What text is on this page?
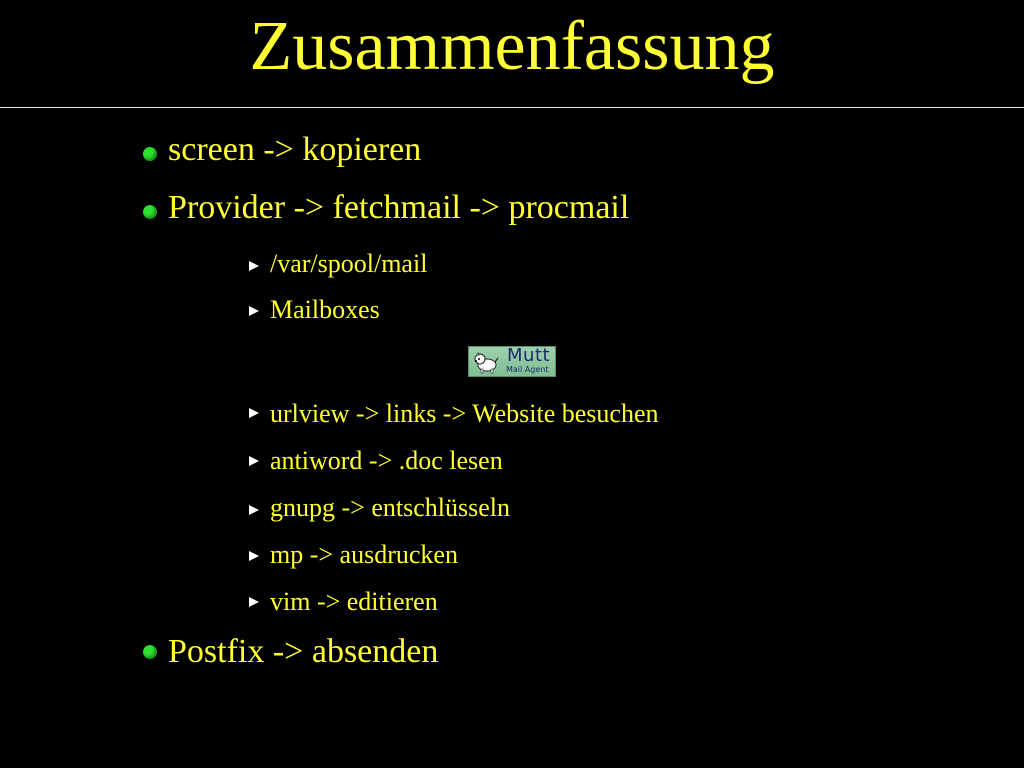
Zusammenfassung
screen -> kopieren
Provider -> fetchmail -> procmail
/var/spool/mail
Mailboxes
Mutt
Mail Agent
urlview -> links -> Website besuchen
antiword -> .doc lesen
gnupg -> entschlüsseln
mp -> ausdrucken
vim -> editieren
Postfix -> absenden
